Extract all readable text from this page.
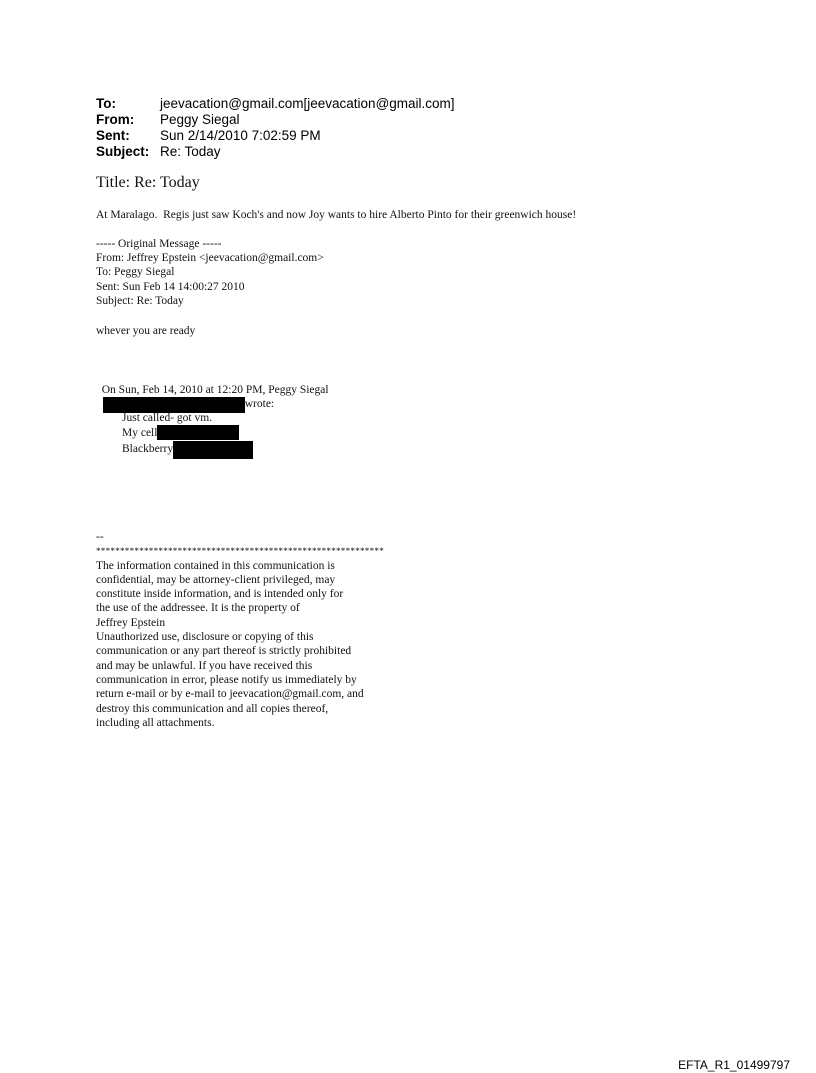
To:	jeevacation@gmail.com[jeevacation@gmail.com]
From:	Peggy Siegal
Sent:	Sun 2/14/2010 7:02:59 PM
Subject: Re: Today
Title: Re: Today
At Maralago.  Regis just saw Koch's and now Joy wants to hire Alberto Pinto for their greenwich house!
----- Original Message -----
From: Jeffrey Epstein <jeevacation@gmail.com>
To: Peggy Siegal
Sent: Sun Feb 14 14:00:27 2010
Subject: Re: Today
whever you are ready

On Sun, Feb 14, 2010 at 12:20 PM, Peggy Siegal
wrote:

Just called- got vm.
My cell
Blackberry
--
************************************************************
The information contained in this communication is
confidential, may be attorney-client privileged, may
constitute inside information, and is intended only for
the use of the addressee. It is the property of
Jeffrey Epstein
Unauthorized use, disclosure or copying of this
communication or any part thereof is strictly prohibited
and may be unlawful. If you have received this
communication in error, please notify us immediately by
return e-mail or by e-mail to jeevacation@gmail.com, and
destroy this communication and all copies thereof,
including all attachments.
EFTA_R1_01499797
